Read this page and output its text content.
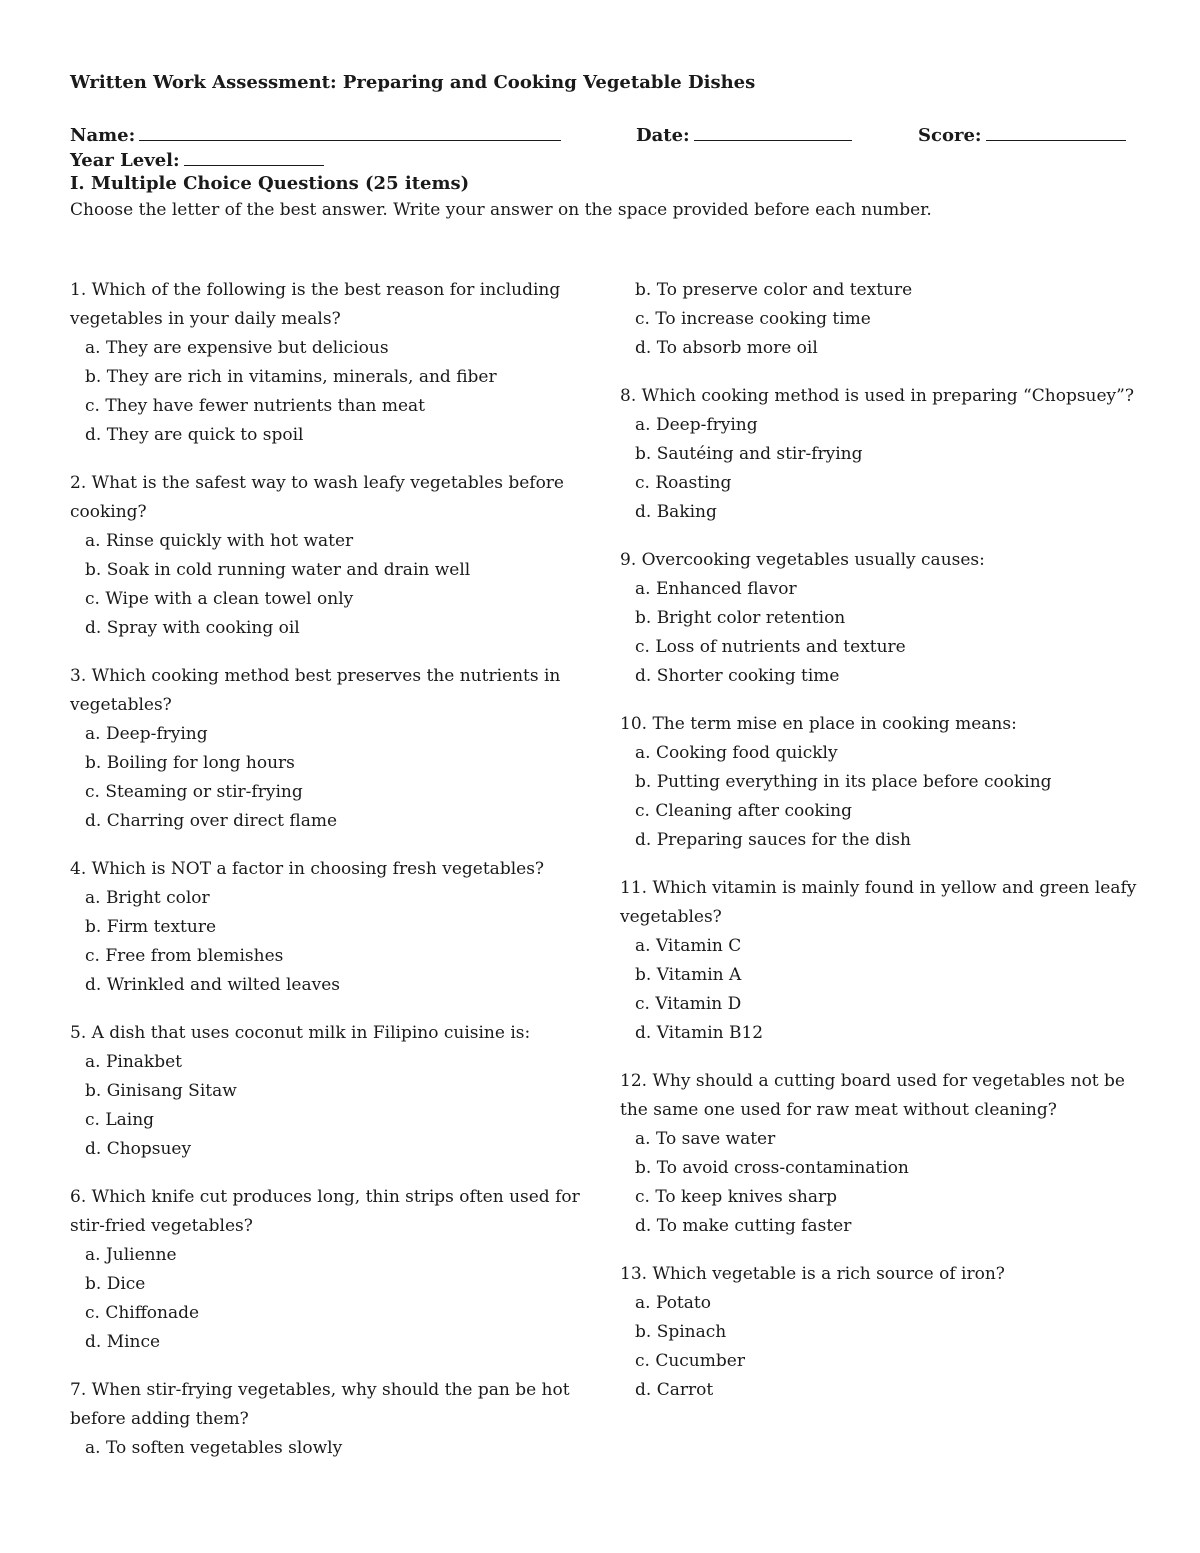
Written Work Assessment: Preparing and Cooking Vegetable Dishes
Name:	Date:	Score:
Year Level:
I. Multiple Choice Questions (25 items)
Choose the letter of the best answer. Write your answer on the space provided before each number.
1. Which of the following is the best reason for including vegetables in your daily meals?
a. They are expensive but delicious
b. They are rich in vitamins, minerals, and fiber
c. They have fewer nutrients than meat
d. They are quick to spoil
2. What is the safest way to wash leafy vegetables before cooking?
a. Rinse quickly with hot water
b. Soak in cold running water and drain well
c. Wipe with a clean towel only
d. Spray with cooking oil
3. Which cooking method best preserves the nutrients in vegetables?
a. Deep-frying
b. Boiling for long hours
c. Steaming or stir-frying
d. Charring over direct flame
4. Which is NOT a factor in choosing fresh vegetables?
a. Bright color
b. Firm texture
c. Free from blemishes
d. Wrinkled and wilted leaves
5. A dish that uses coconut milk in Filipino cuisine is:
a. Pinakbet
b. Ginisang Sitaw
c. Laing
d. Chopsuey
6. Which knife cut produces long, thin strips often used for stir-fried vegetables?
a. Julienne
b. Dice
c. Chiffonade
d. Mince
7. When stir-frying vegetables, why should the pan be hot before adding them?
a. To soften vegetables slowly
b. To preserve color and texture
c. To increase cooking time
d. To absorb more oil
8. Which cooking method is used in preparing “Chopsuey”?
a. Deep-frying
b. Sautéing and stir-frying
c. Roasting
d. Baking
9. Overcooking vegetables usually causes:
a. Enhanced flavor
b. Bright color retention
c. Loss of nutrients and texture
d. Shorter cooking time
10. The term mise en place in cooking means:
a. Cooking food quickly
b. Putting everything in its place before cooking
c. Cleaning after cooking
d. Preparing sauces for the dish
11. Which vitamin is mainly found in yellow and green leafy vegetables?
a. Vitamin C
b. Vitamin A
c. Vitamin D
d. Vitamin B12
12. Why should a cutting board used for vegetables not be the same one used for raw meat without cleaning?
a. To save water
b. To avoid cross-contamination
c. To keep knives sharp
d. To make cutting faster
13. Which vegetable is a rich source of iron?
a. Potato
b. Spinach
c. Cucumber
d. Carrot
